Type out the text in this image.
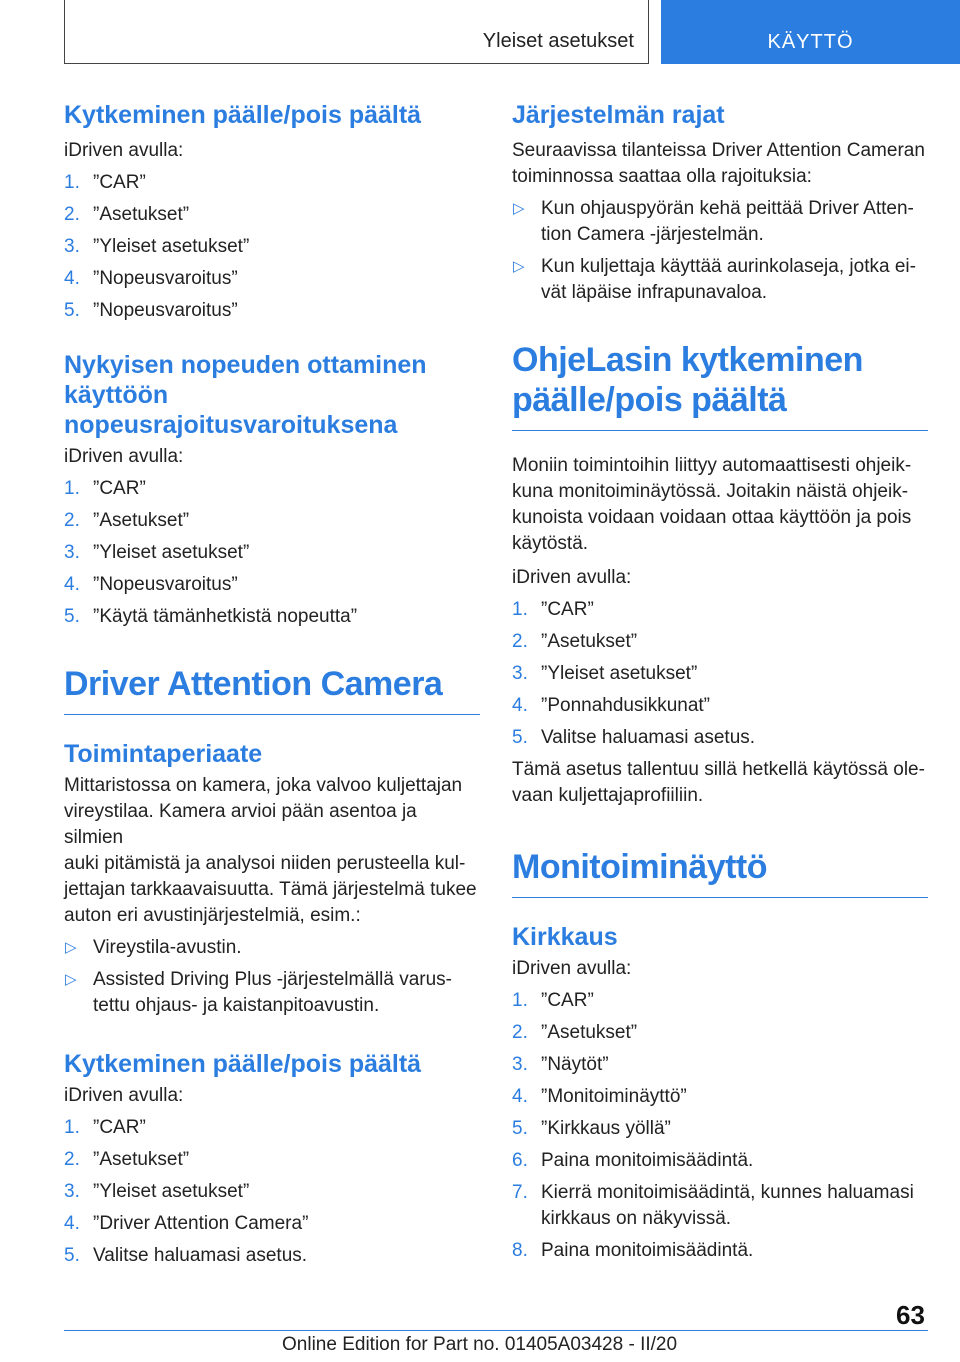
Yleiset asetukset	KÄYTTÖ
Kytkeminen päälle/pois päältä

iDriven avulla:

1. ”CAR”
2. ”Asetukset”
3. ”Yleiset asetukset”
4. ”Nopeusvaroitus”
5. ”Nopeusvaroitus”
Nykyisen nopeuden ottaminen
käyttöön
nopeusrajoitusvaroituksena

iDriven avulla:

1. ”CAR”
2. ”Asetukset”
3. ”Yleiset asetukset”
4. ”Nopeusvaroitus”
5. ”Käytä tämänhetkistä nopeutta”
Driver Attention Camera
Toimintaperiaate

Mittaristossa on kamera, joka valvoo kuljettajan
vireystilaa. Kamera arvioi pään asentoa ja silmien
auki pitämistä ja analysoi niiden perusteella kul-
jettajan tarkkaavaisuutta. Tämä järjestelmä tukee
auton eri avustinjärjestelmiä, esim.:

▷ Vireystila-avustin.
▷ Assisted Driving Plus -järjestelmällä varus-
tettu ohjaus- ja kaistanpitoavustin.
Kytkeminen päälle/pois päältä

iDriven avulla:

1. ”CAR”
2. ”Asetukset”
3. ”Yleiset asetukset”
4. ”Driver Attention Camera”
5. Valitse haluamasi asetus.
Järjestelmän rajat

Seuraavissa tilanteissa Driver Attention Cameran
toiminnossa saattaa olla rajoituksia:

▷ Kun ohjauspyörän kehä peittää Driver Atten-
tion Camera -järjestelmän.
▷ Kun kuljettaja käyttää aurinkolaseja, jotka ei-
vät läpäise infrapunavaloa.
OhjeLasin kytkeminen
päälle/pois päältä

Moniin toimintoihin liittyy automaattisesti ohjeik-
kuna monitoiminäytössä. Joitakin näistä ohjeik-
kunoista voidaan voidaan ottaa käyttöön ja pois
käytöstä.

iDriven avulla:

1. ”CAR”
2. ”Asetukset”
3. ”Yleiset asetukset”
4. ”Ponnahdusikkunat”
5. Valitse haluamasi asetus.

Tämä asetus tallentuu sillä hetkellä käytössä ole-
vaan kuljettajaprofiiliin.

Monitoiminäyttö
Kirkkaus

iDriven avulla:

1. ”CAR”
2. ”Asetukset”
3. ”Näytöt”
4. ”Monitoiminäyttö”
5. ”Kirkkaus yöllä”
6. Paina monitoimisäädintä.
7. Kierrä monitoimisäädintä, kunnes haluamasi
kirkkaus on näkyvissä.
8. Paina monitoimisäädintä.
63
Online Edition for Part no. 01405A03428 - II/20
